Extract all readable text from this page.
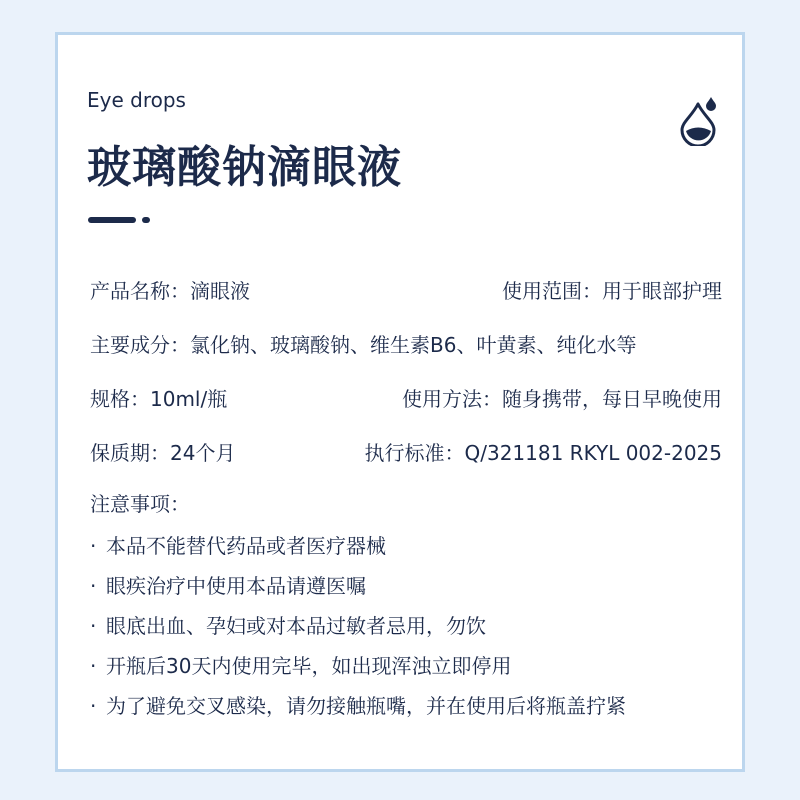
Eye drops
玻璃酸钠滴眼液
产品名称：滴眼液	使用范围：用于眼部护理
主要成分：氯化钠、玻璃酸钠、维生素B6、叶黄素、纯化水等
规格：10ml/瓶	使用方法：随身携带，每日早晚使用
保质期：24个月	执行标准：Q/321181 RKYL 002-2025
注意事项：
· 本品不能替代药品或者医疗器械
· 眼疾治疗中使用本品请遵医嘱
· 眼底出血、孕妇或对本品过敏者忌用，勿饮
· 开瓶后30天内使用完毕，如出现浑浊立即停用
· 为了避免交叉感染，请勿接触瓶嘴，并在使用后将瓶盖拧紧
